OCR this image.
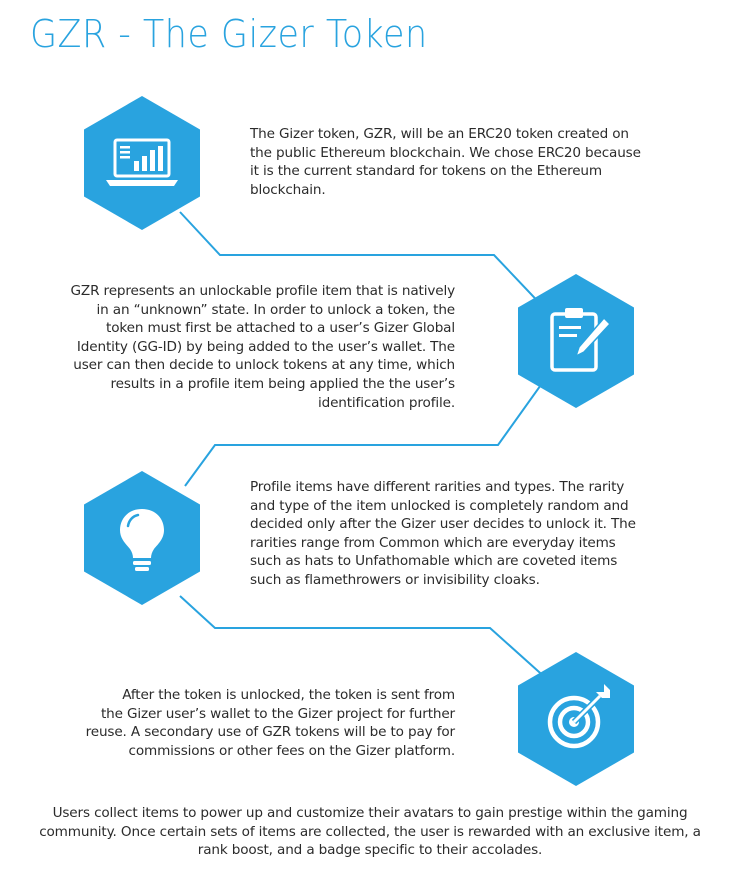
GZR - The Gizer Token
The Gizer token, GZR, will be an ERC20 token created on
the public Ethereum blockchain. We chose ERC20 because
it is the current standard for tokens on the Ethereum
blockchain.
GZR represents an unlockable profile item that is natively
in an “unknown” state. In order to unlock a token, the
token must first be attached to a user’s Gizer Global
Identity (GG-ID) by being added to the user’s wallet. The
user can then decide to unlock tokens at any time, which
results in a profile item being applied the the user’s
identification profile.
Profile items have different rarities and types. The rarity
and type of the item unlocked is completely random and
decided only after the Gizer user decides to unlock it. The
rarities range from Common which are everyday items
such as hats to Unfathomable which are coveted items
such as flamethrowers or invisibility cloaks.
After the token is unlocked, the token is sent from
the Gizer user’s wallet to the Gizer project for further
reuse. A secondary use of GZR tokens will be to pay for
commissions or other fees on the Gizer platform.
Users collect items to power up and customize their avatars to gain prestige within the gaming
community. Once certain sets of items are collected, the user is rewarded with an exclusive item, a
rank boost, and a badge specific to their accolades.
